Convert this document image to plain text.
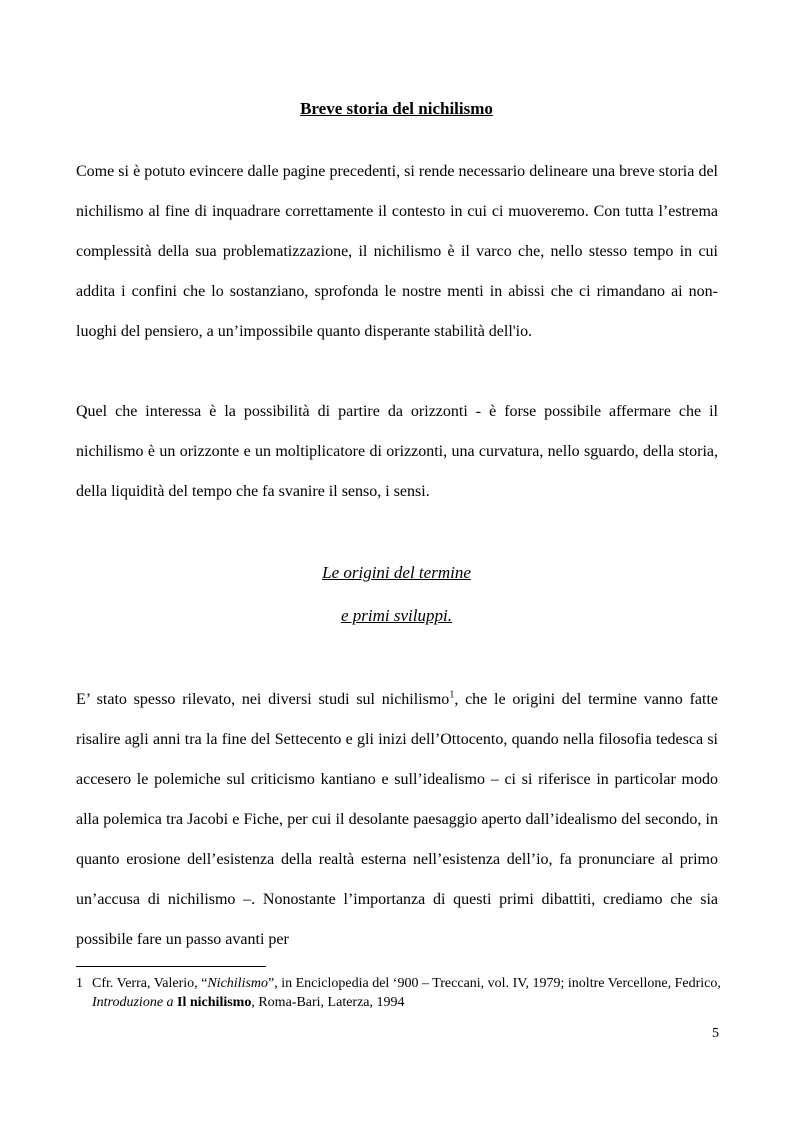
Breve storia del nichilismo

Come si è potuto evincere dalle pagine precedenti, si rende necessario delineare una breve storia del nichilismo al fine di inquadrare correttamente il contesto in cui ci muoveremo. Con tutta l’estrema complessità della sua problematizzazione, il nichilismo è il varco che, nello stesso tempo in cui addita i confini che lo sostanziano, sprofonda le nostre menti in abissi che ci rimandano ai non-luoghi del pensiero, a un’impossibile quanto disperante stabilità dell'io.

Quel che interessa è la possibilità di partire da orizzonti - è forse possibile affermare che il nichilismo è un orizzonte e un moltiplicatore di orizzonti, una curvatura, nello sguardo, della storia, della liquidità del tempo che fa svanire il senso, i sensi.

Le origini del termine
e primi sviluppi.

E’ stato spesso rilevato, nei diversi studi sul nichilismo$^1$, che le origini del termine vanno fatte risalire agli anni tra la fine del Settecento e gli inizi dell’Ottocento, quando nella filosofia tedesca si accesero le polemiche sul criticismo kantiano e sull’idealismo – ci si riferisce in particolar modo alla polemica tra Jacobi e Fiche, per cui il desolante paesaggio aperto dall’idealismo del secondo, in quanto erosione dell’esistenza della realtà esterna nell’esistenza dell’io, fa pronunciare al primo un’accusa di nichilismo –. Nonostante l’importanza di questi primi dibattiti, crediamo che sia possibile fare un passo avanti per

1 Cfr. Verra, Valerio, “Nichilismo”, in Enciclopedia del ‘900 – Treccani, vol. IV, 1979; inoltre Vercellone, Fedrico, Introduzione a Il nichilismo, Roma-Bari, Laterza, 1994
5
